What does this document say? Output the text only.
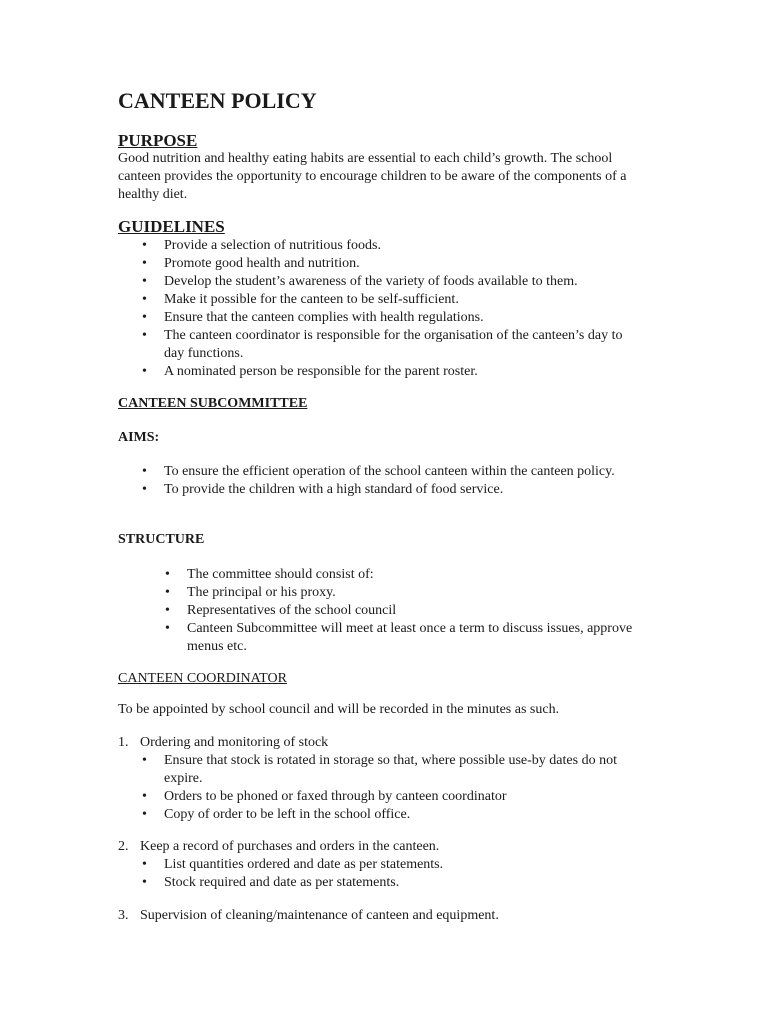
CANTEEN POLICY
PURPOSE

Good nutrition and healthy eating habits are essential to each child’s growth. The school canteen provides the opportunity to encourage children to be aware of the components of a healthy diet.

GUIDELINES
• Provide a selection of nutritious foods.
• Promote good health and nutrition.
• Develop the student’s awareness of the variety of foods available to them.
• Make it possible for the canteen to be self-sufficient.
• Ensure that the canteen complies with health regulations.
• The canteen coordinator is responsible for the organisation of the canteen’s day to day functions.
• A nominated person be responsible for the parent roster.
CANTEEN SUBCOMMITTEE
AIMS:
• To ensure the efficient operation of the school canteen within the canteen policy.
• To provide the children with a high standard of food service.
STRUCTURE
• The committee should consist of:
• The principal or his proxy.
• Representatives of the school council
• Canteen Subcommittee will meet at least once a term to discuss issues, approve menus etc.
CANTEEN COORDINATOR

To be appointed by school council and will be recorded in the minutes as such.

1. Ordering and monitoring of stock
• Ensure that stock is rotated in storage so that, where possible use-by dates do not expire.
• Orders to be phoned or faxed through by canteen coordinator
• Copy of order to be left in the school office.
2. Keep a record of purchases and orders in the canteen.
• List quantities ordered and date as per statements.
• Stock required and date as per statements.
3. Supervision of cleaning/maintenance of canteen and equipment.
